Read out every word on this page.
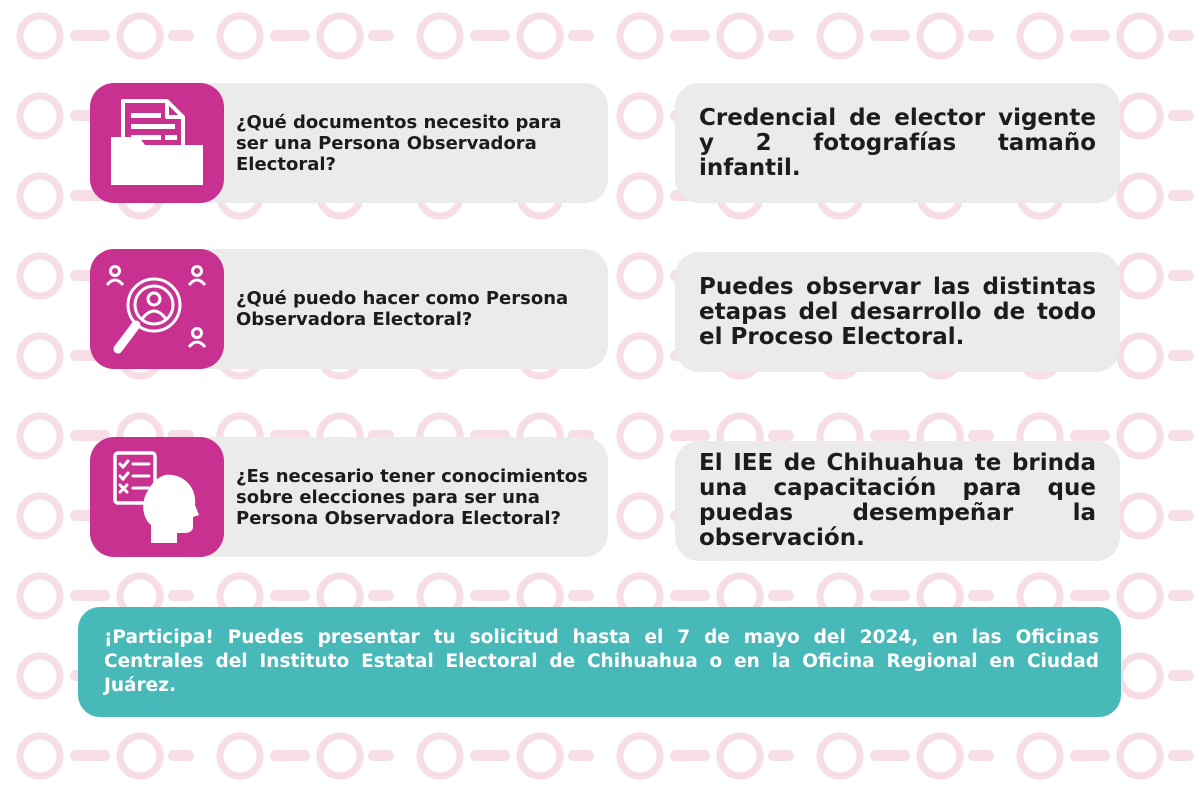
¿Qué documentos necesito para ser una Persona Observadora Electoral?
Credencial de elector vigente y 2 fotografías tamaño infantil.
¿Qué puedo hacer como Persona Observadora Electoral?
Puedes observar las distintas etapas del desarrollo de todo el Proceso Electoral.
¿Es necesario tener conocimientos sobre elecciones para ser una Persona Observadora Electoral?
El IEE de Chihuahua te brinda una capacitación para que puedas desempeñar la observación.
¡Participa! Puedes presentar tu solicitud hasta el 7 de mayo del 2024, en las Oficinas Centrales del Instituto Estatal Electoral de Chihuahua o en la Oficina Regional en Ciudad Juárez.
